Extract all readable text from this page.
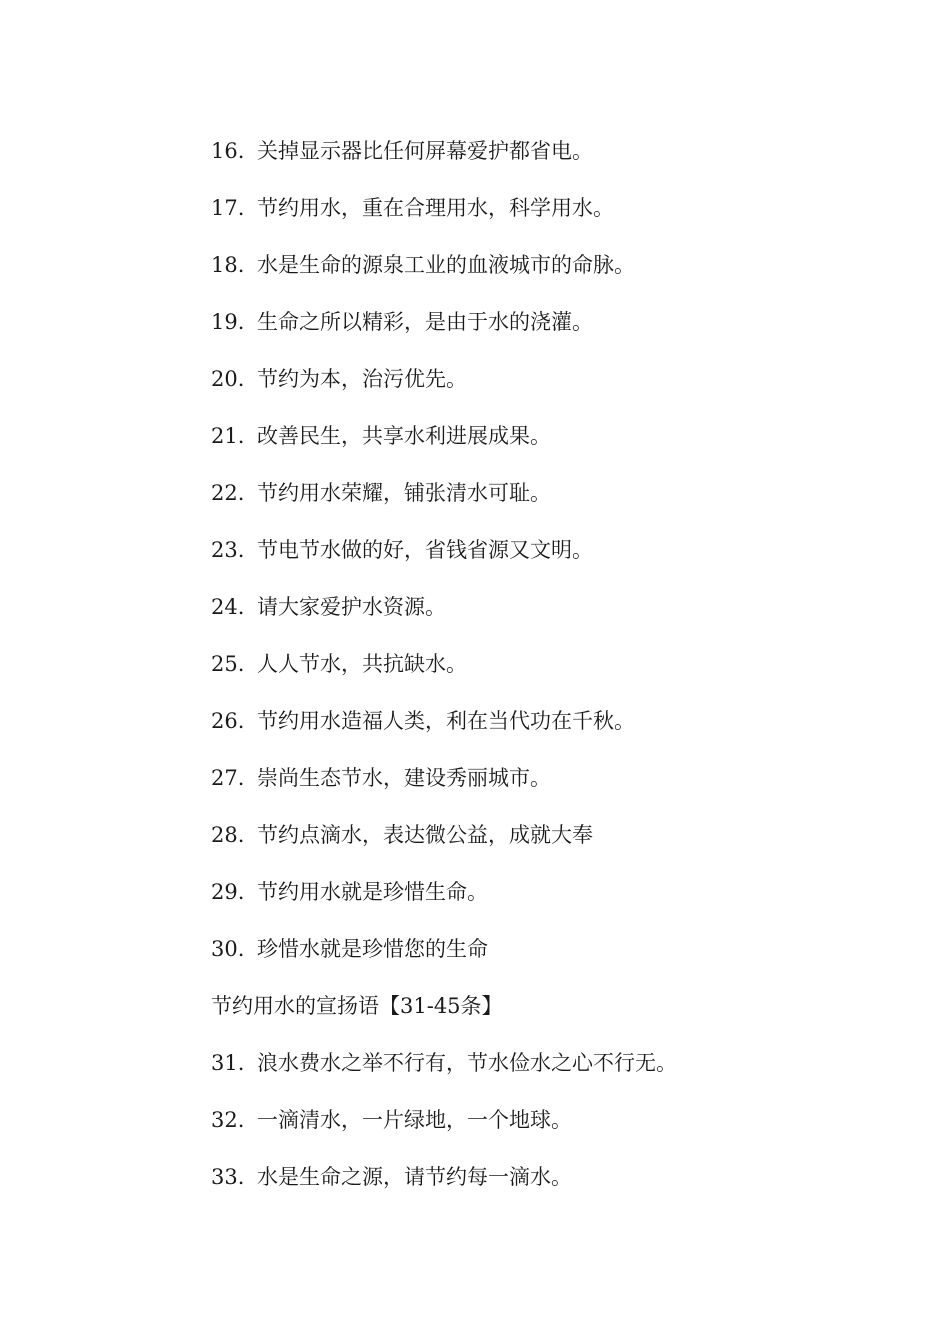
16. 关掉显示器比任何屏幕爱护都省电。
17. 节约用水，重在合理用水，科学用水。
18. 水是生命的源泉工业的血液城市的命脉。
19. 生命之所以精彩，是由于水的浇灌。
20. 节约为本，治污优先。
21. 改善民生，共享水利进展成果。
22. 节约用水荣耀，铺张清水可耻。
23. 节电节水做的好，省钱省源又文明。
24. 请大家爱护水资源。
25. 人人节水，共抗缺水。
26. 节约用水造福人类，利在当代功在千秋。
27. 崇尚生态节水，建设秀丽城市。
28. 节约点滴水，表达微公益，成就大奉
29. 节约用水就是珍惜生命。
30. 珍惜水就是珍惜您的生命
节约用水的宣扬语【31-45条】
31. 浪水费水之举不行有，节水俭水之心不行无。
32. 一滴清水，一片绿地，一个地球。
33. 水是生命之源，请节约每一滴水。
